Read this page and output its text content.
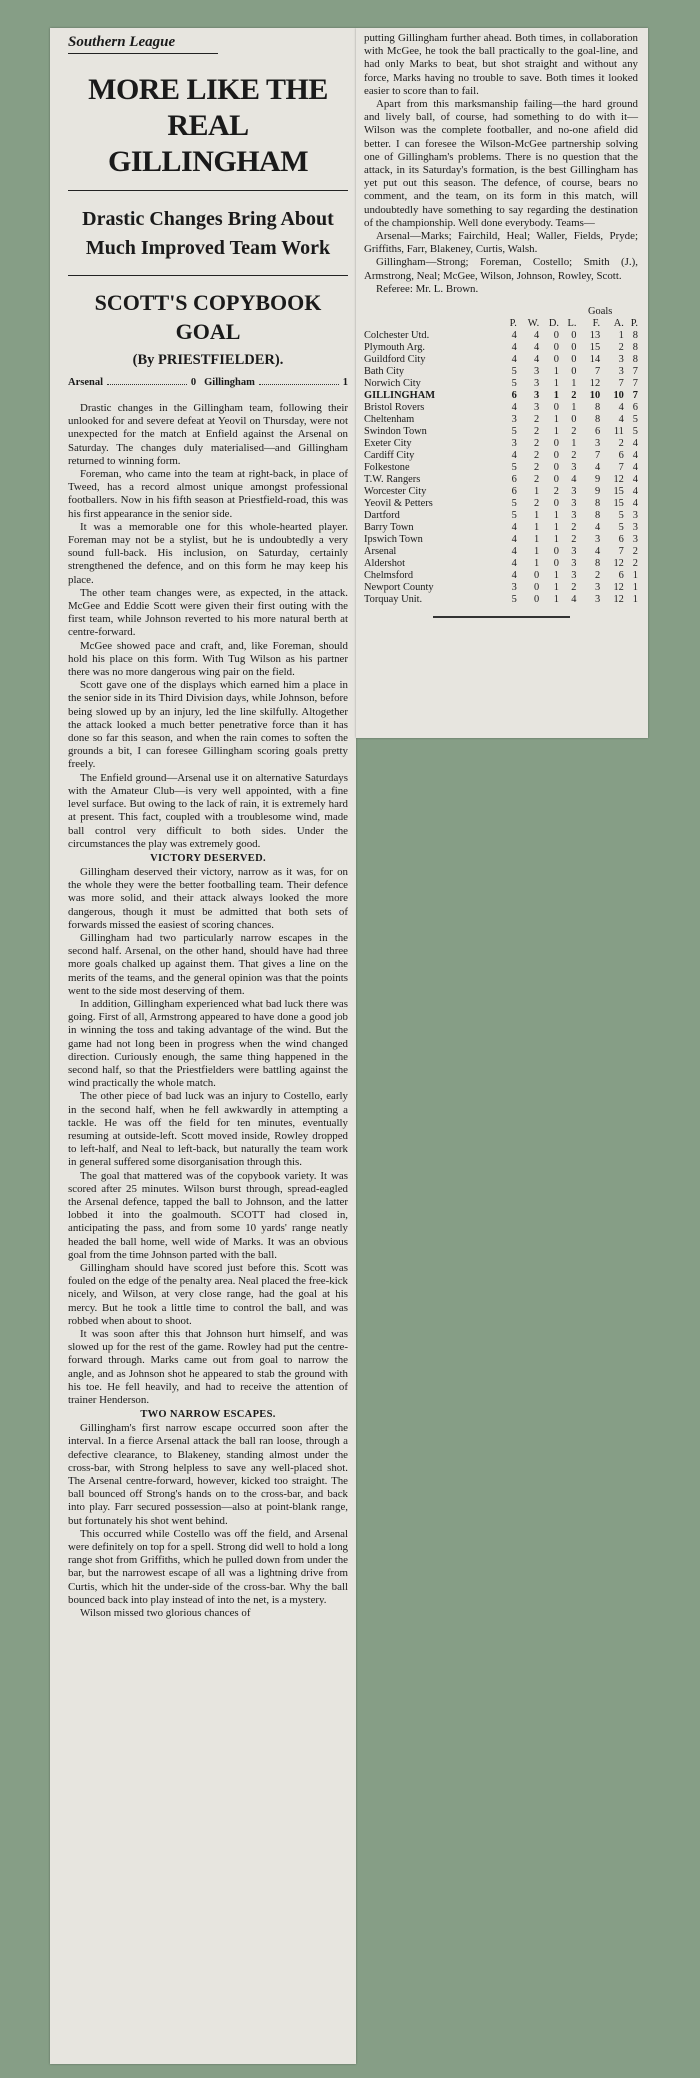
Southern League
MORE LIKE THE REAL GILLINGHAM
Drastic Changes Bring About Much Improved Team Work
SCOTT'S COPYBOOK GOAL
(By PRIESTFIELDER).
Arsenal	0 Gillingham	1

Drastic changes in the Gillingham team, following their unlooked for and severe defeat at Yeovil on Thursday, were not unexpected for the match at Enfield against the Arsenal on Saturday. The changes duly materialised—and Gillingham returned to winning form.

Foreman, who came into the team at right-back, in place of Tweed, has a record almost unique amongst professional footballers. Now in his fifth season at Priestfield-road, this was his first appearance in the senior side.

It was a memorable one for this whole-hearted player. Foreman may not be a stylist, but he is undoubtedly a very sound full-back. His inclusion, on Saturday, certainly strengthened the defence, and on this form he may keep his place.

The other team changes were, as expected, in the attack. McGee and Eddie Scott were given their first outing with the first team, while Johnson reverted to his more natural berth at centre-forward.

McGee showed pace and craft, and, like Foreman, should hold his place on this form. With Tug Wilson as his partner there was no more dangerous wing pair on the field.

Scott gave one of the displays which earned him a place in the senior side in its Third Division days, while Johnson, before being slowed up by an injury, led the line skilfully. Altogether the attack looked a much better penetrative force than it has done so far this season, and when the rain comes to soften the grounds a bit, I can foresee Gillingham scoring goals pretty freely.

The Enfield ground—Arsenal use it on alternative Saturdays with the Amateur Club—is very well appointed, with a fine level surface. But owing to the lack of rain, it is extremely hard at present. This fact, coupled with a troublesome wind, made ball control very difficult to both sides. Under the circumstances the play was extremely good.

VICTORY DESERVED.

Gillingham deserved their victory, narrow as it was, for on the whole they were the better footballing team. Their defence was more solid, and their attack always looked the more dangerous, though it must be admitted that both sets of forwards missed the easiest of scoring chances.

Gillingham had two particularly narrow escapes in the second half. Arsenal, on the other hand, should have had three more goals chalked up against them. That gives a line on the merits of the teams, and the general opinion was that the points went to the side most deserving of them.

In addition, Gillingham experienced what bad luck there was going. First of all, Armstrong appeared to have done a good job in winning the toss and taking advantage of the wind. But the game had not long been in progress when the wind changed direction. Curiously enough, the same thing happened in the second half, so that the Priestfielders were battling against the wind practically the whole match.

The other piece of bad luck was an injury to Costello, early in the second half, when he fell awkwardly in attempting a tackle. He was off the field for ten minutes, eventually resuming at outside-left. Scott moved inside, Rowley dropped to left-half, and Neal to left-back, but naturally the team work in general suffered some disorganisation through this.

The goal that mattered was of the copybook variety. It was scored after 25 minutes. Wilson burst through, spread-eagled the Arsenal defence, tapped the ball to Johnson, and the latter lobbed it into the goalmouth. SCOTT had closed in, anticipating the pass, and from some 10 yards' range neatly headed the ball home, well wide of Marks. It was an obvious goal from the time Johnson parted with the ball.

Gillingham should have scored just before this. Scott was fouled on the edge of the penalty area. Neal placed the free-kick nicely, and Wilson, at very close range, had the goal at his mercy. But he took a little time to control the ball, and was robbed when about to shoot.

It was soon after this that Johnson hurt himself, and was slowed up for the rest of the game. Rowley had put the centre-forward through. Marks came out from goal to narrow the angle, and as Johnson shot he appeared to stab the ground with his toe. He fell heavily, and had to receive the attention of trainer Henderson.

TWO NARROW ESCAPES.

Gillingham's first narrow escape occurred soon after the interval. In a fierce Arsenal attack the ball ran loose, through a defective clearance, to Blakeney, standing almost under the cross-bar, with Strong helpless to save any well-placed shot. The Arsenal centre-forward, however, kicked too straight. The ball bounced off Strong's hands on to the cross-bar, and back into play. Farr secured possession—also at point-blank range, but fortunately his shot went behind.

This occurred while Costello was off the field, and Arsenal were definitely on top for a spell. Strong did well to hold a long range shot from Griffiths, which he pulled down from under the bar, but the narrowest escape of all was a lightning drive from Curtis, which hit the under-side of the cross-bar. Why the ball bounced back into play instead of into the net, is a mystery.

Wilson missed two glorious chances of

putting Gillingham further ahead. Both times, in collaboration with McGee, he took the ball practically to the goal-line, and had only Marks to beat, but shot straight and without any force, Marks having no trouble to save. Both times it looked easier to score than to fail.

Apart from this marksmanship failing—the hard ground and lively ball, of course, had something to do with it—Wilson was the complete footballer, and no-one afield did better. I can foresee the Wilson-McGee partnership solving one of Gillingham's problems. There is no question that the attack, in its Saturday's formation, is the best Gillingham has yet put out this season. The defence, of course, bears no comment, and the team, on its form in this match, will undoubtedly have something to say regarding the destination of the championship. Well done everybody. Teams—

Arsenal—Marks; Fairchild, Heal; Waller, Fields, Pryde; Griffiths, Farr, Blakeney, Curtis, Walsh.

Gillingham—Strong; Foreman, Costello; Smith (J.), Armstrong, Neal; McGee, Wilson, Johnson, Rowley, Scott.

Referee: Mr. L. Brown.

					Goals		
	P.	W.	D.	L.	F.	A.	P.
Colchester Utd.	4	4	0	0	13	1	8
Plymouth Arg.	4	4	0	0	15	2	8
Guildford City	4	4	0	0	14	3	8
Bath City	5	3	1	0	7	3	7
Norwich City	5	3	1	1	12	7	7
GILLINGHAM	6	3	1	2	10	10	7
Bristol Rovers	4	3	0	1	8	4	6
Cheltenham	3	2	1	0	8	4	5
Swindon Town	5	2	1	2	6	11	5
Exeter City	3	2	0	1	3	2	4
Cardiff City	4	2	0	2	7	6	4
Folkestone	5	2	0	3	4	7	4
T.W. Rangers	6	2	0	4	9	12	4
Worcester City	6	1	2	3	9	15	4
Yeovil & Petters	5	2	0	3	8	15	4
Dartford	5	1	1	3	8	5	3
Barry Town	4	1	1	2	4	5	3
Ipswich Town	4	1	1	2	3	6	3
Arsenal	4	1	0	3	4	7	2
Aldershot	4	1	0	3	8	12	2
Chelmsford	4	0	1	3	2	6	1
Newport County	3	0	1	2	3	12	1
Torquay Unit.	5	0	1	4	3	12	1
